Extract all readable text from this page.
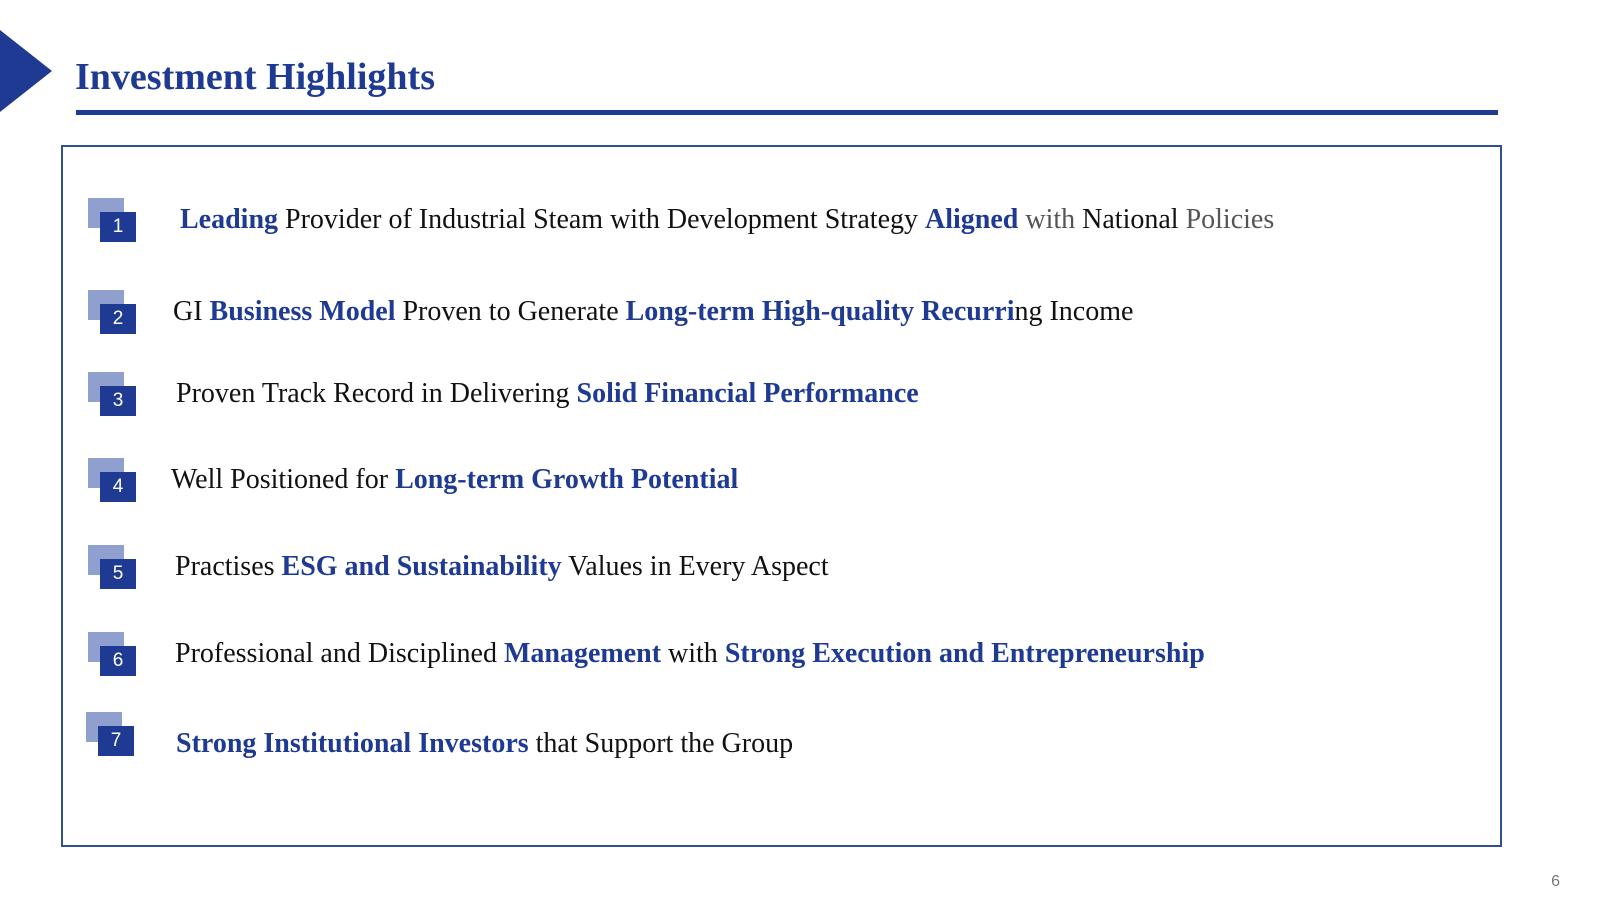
Investment Highlights
1	Leading Provider of Industrial Steam with Development Strategy Aligned with National Policies
2	GI Business Model Proven to Generate Long-term High-quality Recurring Income
3	Proven Track Record in Delivering Solid Financial Performance
4	Well Positioned for Long-term Growth Potential
5	Practises ESG and Sustainability Values in Every Aspect
6	Professional and Disciplined Management with Strong Execution and Entrepreneurship
7	Strong Institutional Investors that Support the Group
6
